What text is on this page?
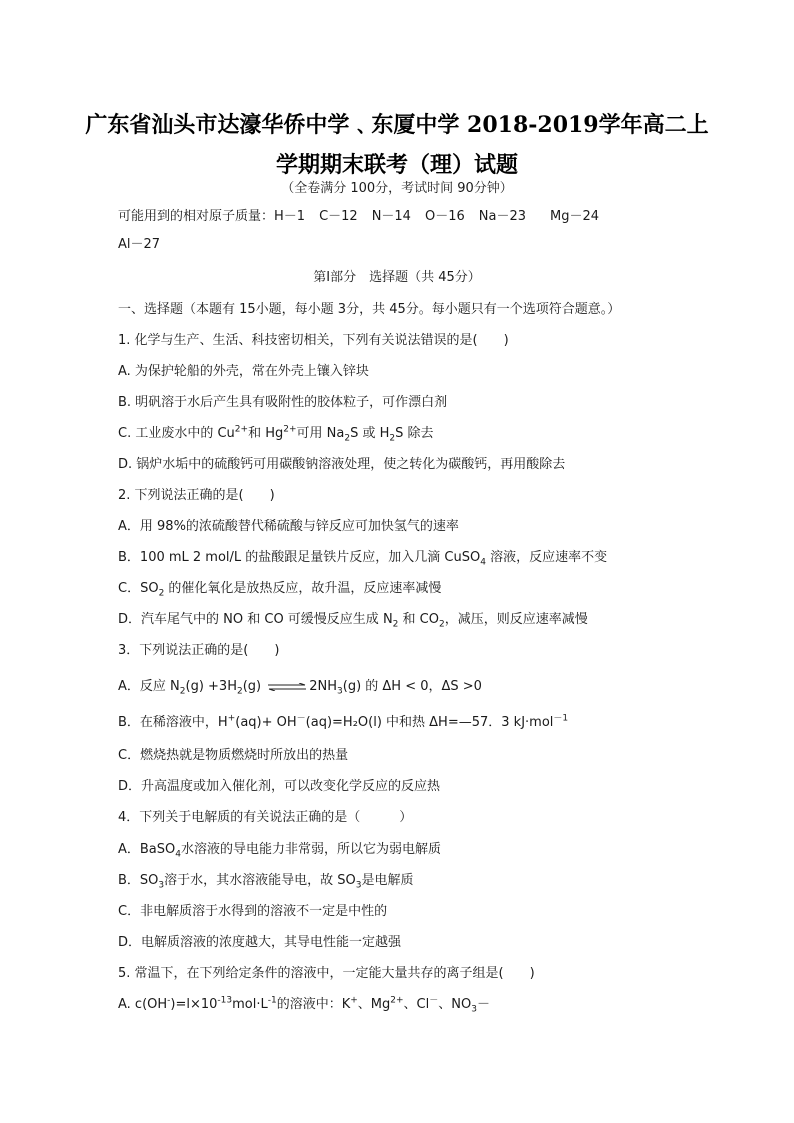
广东省汕头市达濠华侨中学﹑东厦中学 2018-2019学年高二上
学期期末联考（理）试题
（全卷满分 100分，考试时间 90分钟）
可能用到的相对原子质量：H－1 C－12 N－14 O－16 Na－23 Mg－24
Al－27
第Ⅰ部分　选择题（共 45分）
一、选择题（本题有 15小题，每小题 3分，共 45分。每小题只有一个选项符合题意。）
1. 化学与生产、生活、科技密切相关，下列有关说法错误的是(　　)
A. 为保护轮船的外壳，常在外壳上镶入锌块
B. 明矾溶于水后产生具有吸附性的胶体粒子，可作漂白剂
C. 工业废水中的 $Cu^{2+}$和 $Hg^{2+}$可用 $Na_2S$ 或 $H_2S$ 除去
D. 锅炉水垢中的硫酸钙可用碳酸钠溶液处理，使之转化为碳酸钙，再用酸除去
2. 下列说法正确的是(　　)
A．用 98%的浓硫酸替代稀硫酸与锌反应可加快氢气的速率
B．100 mL 2 mol/L 的盐酸跟足量铁片反应，加入几滴 CuSO$_4$ 溶液，反应速率不变
C．$SO_2$ 的催化氧化是放热反应，故升温，反应速率减慢
D．汽车尾气中的 NO 和 CO 可缓慢反应生成 $N_2$ 和 $CO_2$，减压，则反应速率减慢
3．下列说法正确的是(　　)
A．反应 $N_2(g) +3H_2(g)$ ⇌ $2NH_3(g)$ 的 ΔH < 0，ΔS >0
B．在稀溶液中，H+(aq)+ OH－(aq)=H₂O(l) 中和热 ΔH=—57．3 kJ·mol$^{-1}$
C．燃烧热就是物质燃烧时所放出的热量
D．升高温度或加入催化剂，可以改变化学反应的反应热
4．下列关于电解质的有关说法正确的是（　　　）
A．BaSO$_4$水溶液的导电能力非常弱，所以它为弱电解质
B．$SO_3$溶于水，其水溶液能导电，故 $SO_3$是电解质
C．非电解质溶于水得到的溶液不一定是中性的
D．电解质溶液的浓度越大，其导电性能一定越强
5. 常温下，在下列给定条件的溶液中，一定能大量共存的离子组是(　　)
A. $c(OH^-)=l\times 10^{-13}mol\cdot L^{-1}$的溶液中：K+、$Mg^{2+}$、Cl－、$NO_3-$
